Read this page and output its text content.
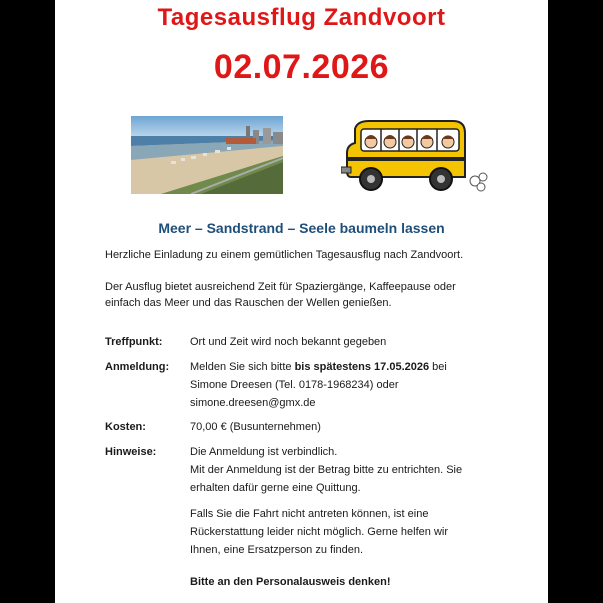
Tagesausflug Zandvoort
02.07.2026
Meer – Sandstrand – Seele baumeln lassen
Herzliche Einladung zu einem gemütlichen Tagesausflug nach Zandvoort.
Der Ausflug bietet ausreichend Zeit für Spaziergänge, Kaffeepause oder
einfach das Meer und das Rauschen der Wellen genießen.
Treffpunkt:	Ort und Zeit wird noch bekannt gegeben
Anmeldung: Melden Sie sich bitte bis spätestens 17.05.2026 bei
Simone Dreesen (Tel. 0178-1968234) oder
simone.dreesen@gmx.de
Kosten:	70,00 € (Busunternehmen)
Hinweise:	Die Anmeldung ist verbindlich.
Mit der Anmeldung ist der Betrag bitte zu entrichten. Sie
erhalten dafür gerne eine Quittung.
Falls Sie die Fahrt nicht antreten können, ist eine
Rückerstattung leider nicht möglich. Gerne helfen wir
Ihnen, eine Ersatzperson zu finden.
Bitte an den Personalausweis denken!
